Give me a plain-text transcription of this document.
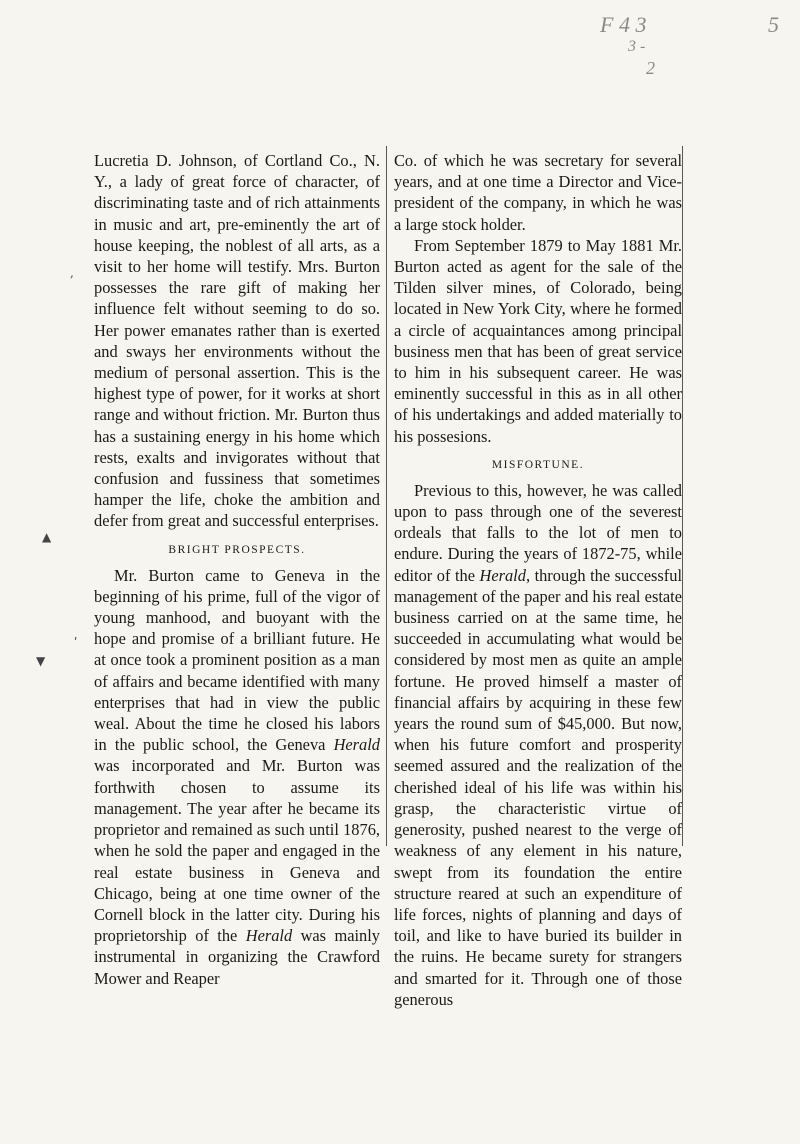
F 4 3
3 -
2
5
,
▲
▼
ʹ

Lucretia D. Johnson, of Cortland Co., N. Y., a lady of great force of character, of discriminating taste and of rich attainments in music and art, pre-eminently the art of house keeping, the noblest of all arts, as a visit to her home will testify. Mrs. Burton possesses the rare gift of making her influence felt without seeming to do so. Her power emanates rather than is exerted and sways her environments without the medium of personal assertion. This is the highest type of power, for it works at short range and without friction. Mr. Burton thus has a sustaining energy in his home which rests, exalts and invigorates without that confusion and fussiness that sometimes hamper the life, choke the ambition and defer from great and successful enterprises.

BRIGHT PROSPECTS.

Mr. Burton came to Geneva in the beginning of his prime, full of the vigor of young manhood, and buoyant with the hope and promise of a brilliant future. He at once took a prominent position as a man of affairs and became identified with many enterprises that had in view the public weal. About the time he closed his labors in the public school, the Geneva Herald was incorporated and Mr. Burton was forthwith chosen to assume its management. The year after he became its proprietor and remained as such until 1876, when he sold the paper and engaged in the real estate business in Geneva and Chicago, being at one time owner of the Cornell block in the latter city. During his proprietorship of the Herald was mainly instrumental in organizing the Crawford Mower and Reaper

Co. of which he was secretary for several years, and at one time a Director and Vice-president of the company, in which he was a large stock holder.

From September 1879 to May 1881 Mr. Burton acted as agent for the sale of the Tilden silver mines, of Colorado, being located in New York City, where he formed a circle of acquaintances among principal business men that has been of great service to him in his subsequent career. He was eminently successful in this as in all other of his undertakings and added materially to his possesions.

MISFORTUNE.

Previous to this, however, he was called upon to pass through one of the severest ordeals that falls to the lot of men to endure. During the years of 1872-75, while editor of the Herald, through the successful management of the paper and his real estate business carried on at the same time, he succeeded in accumulating what would be considered by most men as quite an ample fortune. He proved himself a master of financial affairs by acquiring in these few years the round sum of $45,000. But now, when his future comfort and prosperity seemed assured and the realization of the cherished ideal of his life was within his grasp, the characteristic virtue of generosity, pushed nearest to the verge of weakness of any element in his nature, swept from its foundation the entire structure reared at such an expenditure of life forces, nights of planning and days of toil, and like to have buried its builder in the ruins. He became surety for strangers and smarted for it. Through one of those generous
